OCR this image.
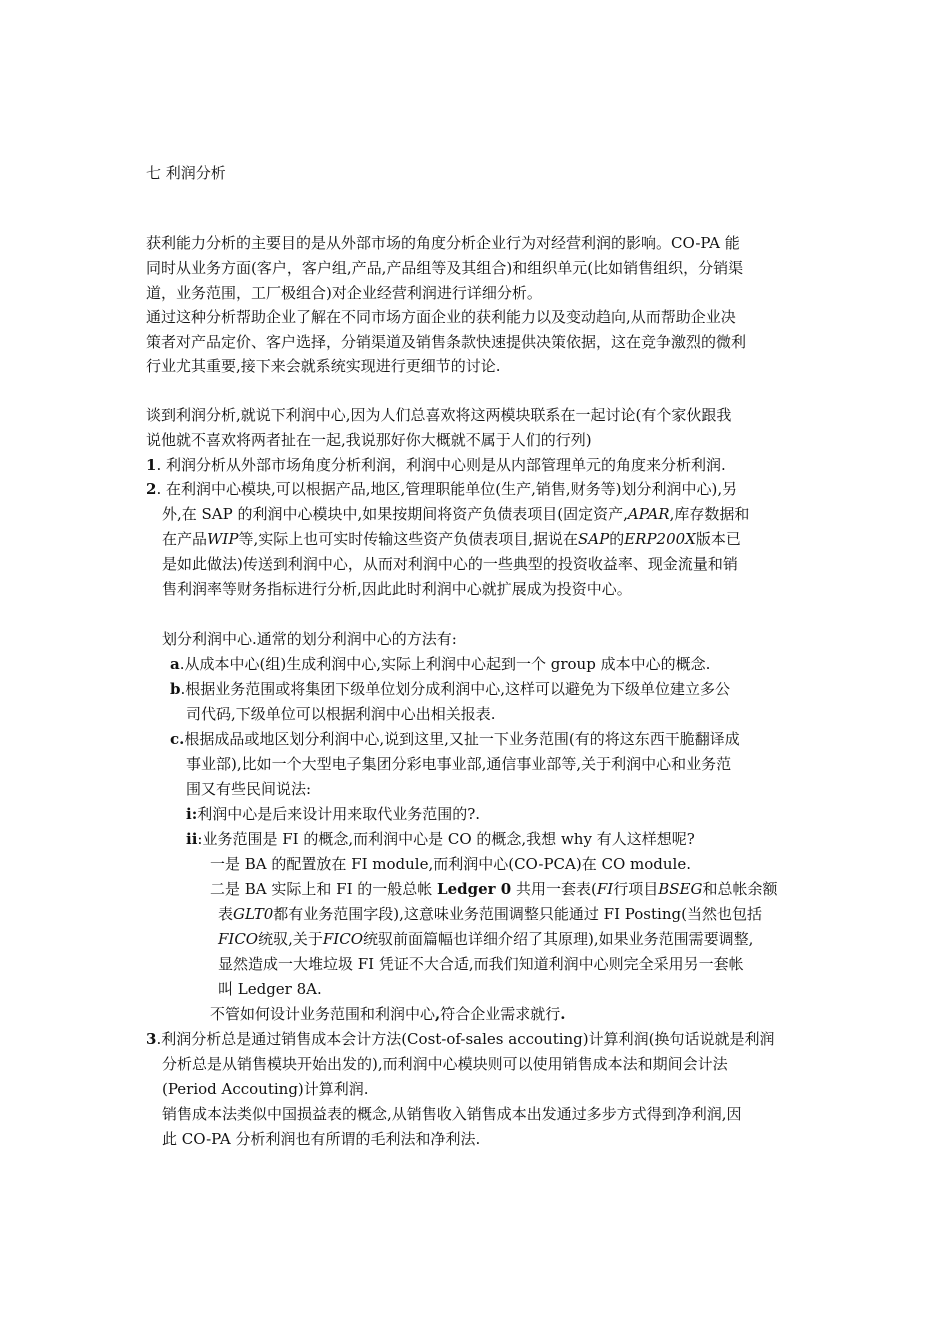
七 利润分析
获利能力分析的主要目的是从外部市场的角度分析企业行为对经营利润的影响。CO-PA 能
同时从业务方面(客户，客户组,产品,产品组等及其组合)和组织单元(比如销售组织，分销渠
道，业务范围，工厂极组合)对企业经营利润进行详细分析。
通过这种分析帮助企业了解在不同市场方面企业的获利能力以及变动趋向,从而帮助企业决
策者对产品定价、客户选择，分销渠道及销售条款快速提供决策依据，这在竞争激烈的微利
行业尤其重要,接下来会就系统实现进行更细节的讨论.
谈到利润分析,就说下利润中心,因为人们总喜欢将这两模块联系在一起讨论(有个家伙跟我
说他就不喜欢将两者扯在一起,我说那好你大概就不属于人们的行列)
1. 利润分析从外部市场角度分析利润，利润中心则是从内部管理单元的角度来分析利润.
2. 在利润中心模块,可以根据产品,地区,管理职能单位(生产,销售,财务等)划分利润中心),另
外,在 SAP 的利润中心模块中,如果按期间将资产负债表项目(固定资产,APAR,库存数据和
在产品WIP等,实际上也可实时传输这些资产负债表项目,据说在SAP的ERP200X版本已
是如此做法)传送到利润中心，从而对利润中心的一些典型的投资收益率、现金流量和销
售利润率等财务指标进行分析,因此此时利润中心就扩展成为投资中心。
划分利润中心.通常的划分利润中心的方法有:
a.从成本中心(组)生成利润中心,实际上利润中心起到一个 group 成本中心的概念.
b.根据业务范围或将集团下级单位划分成利润中心,这样可以避免为下级单位建立多公
司代码,下级单位可以根据利润中心出相关报表.
c.根据成品或地区划分利润中心,说到这里,又扯一下业务范围(有的将这东西干脆翻译成
事业部),比如一个大型电子集团分彩电事业部,通信事业部等,关于利润中心和业务范
围又有些民间说法:
i:利润中心是后来设计用来取代业务范围的?.
ii:业务范围是 FI 的概念,而利润中心是 CO 的概念,我想 why 有人这样想呢?
一是 BA 的配置放在 FI module,而利润中心(CO-PCA)在 CO module.
二是 BA 实际上和 FI 的一般总帐 Ledger 0 共用一套表(FI行项目BSEG和总帐余额
表GLT0都有业务范围字段),这意味业务范围调整只能通过 FI Posting(当然也包括
FICO统驭,关于FICO统驭前面篇幅也详细介绍了其原理),如果业务范围需要调整,
显然造成一大堆垃圾 FI 凭证不大合适,而我们知道利润中心则完全采用另一套帐
叫 Ledger 8A.
不管如何设计业务范围和利润中心,符合企业需求就行.
3.利润分析总是通过销售成本会计方法(Cost-of-sales accouting)计算利润(换句话说就是利润
分析总是从销售模块开始出发的),而利润中心模块则可以使用销售成本法和期间会计法
(Period Accouting)计算利润.
销售成本法类似中国损益表的概念,从销售收入销售成本出发通过多步方式得到净利润,因
此 CO-PA 分析利润也有所谓的毛利法和净利法.
